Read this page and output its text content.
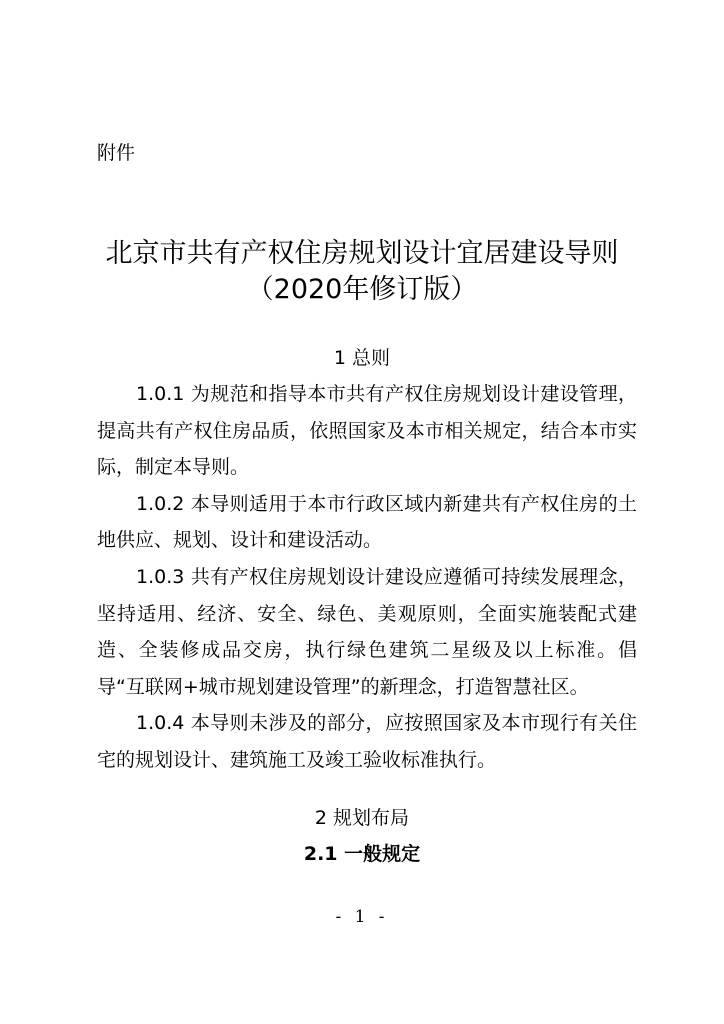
附件

北京市共有产权住房规划设计宜居建设导则
（2020年修订版）
1 总则

1.0.1 为规范和指导本市共有产权住房规划设计建设管理，提高共有产权住房品质，依照国家及本市相关规定，结合本市实际，制定本导则。

1.0.2 本导则适用于本市行政区域内新建共有产权住房的土地供应、规划、设计和建设活动。

1.0.3 共有产权住房规划设计建设应遵循可持续发展理念，坚持适用、经济、安全、绿色、美观原则，全面实施装配式建造、全装修成品交房，执行绿色建筑二星级及以上标准。倡导“互联网+城市规划建设管理”的新理念，打造智慧社区。

1.0.4 本导则未涉及的部分，应按照国家及本市现行有关住宅的规划设计、建筑施工及竣工验收标准执行。

2 规划布局
2.1 一般规定

- 1 -
